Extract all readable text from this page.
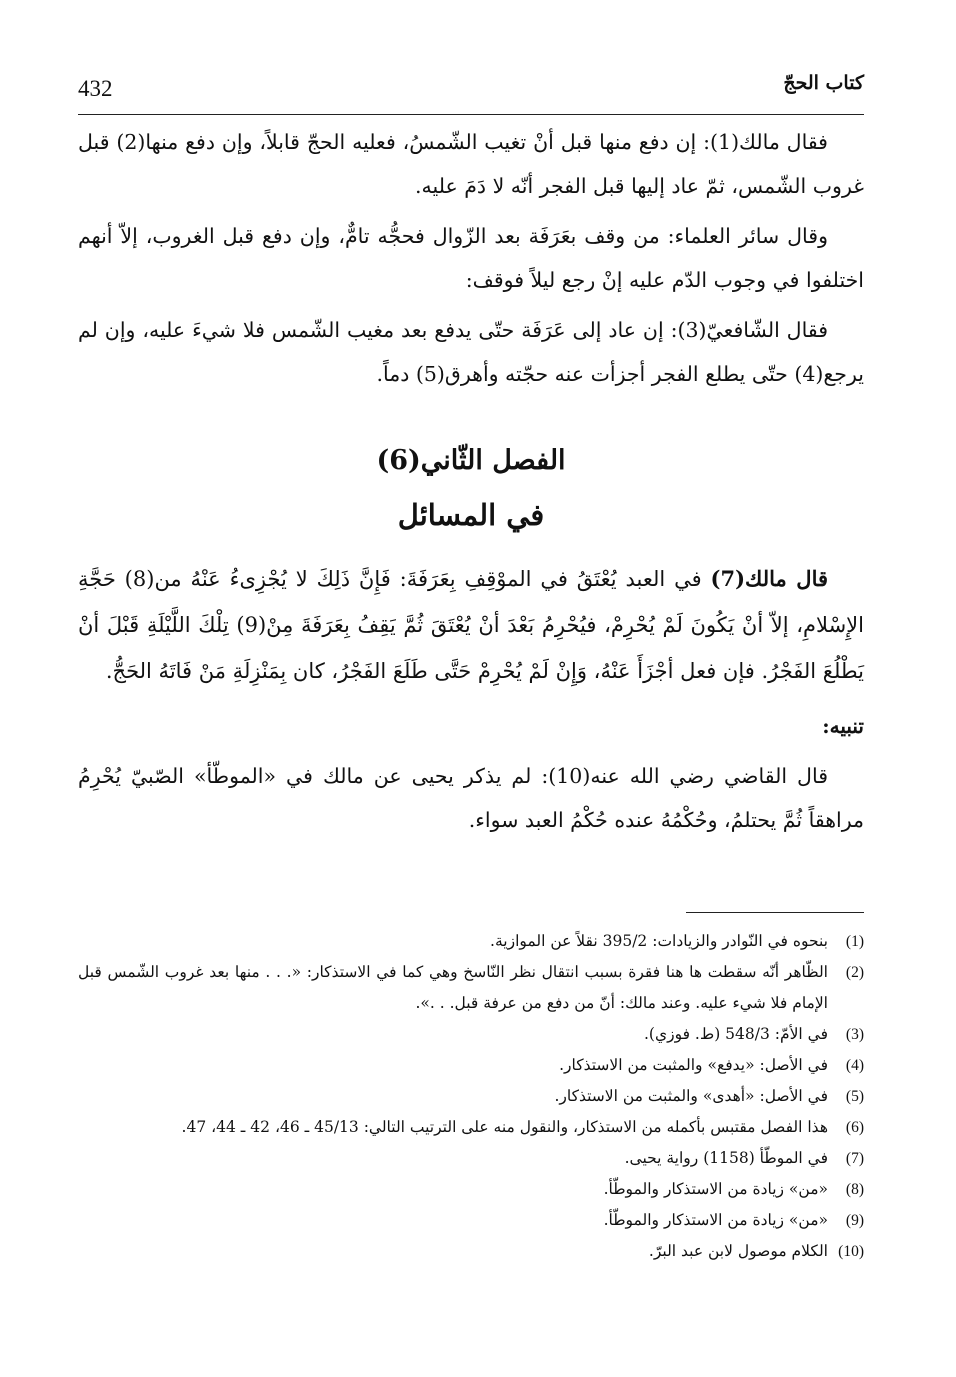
كتاب الحجّ
432

فقال مالك(1): إن دفع منها قبل أنْ تغيب الشّمسُ، فعليه الحجّ قابلاً، وإن دفع منها(2) قبل غروب الشّمس، ثمّ عاد إليها قبل الفجر أنّه لا دَمَ عليه.

وقال سائر العلماء: من وقف بعَرَفَة بعد الزّوال فحجُّه تامٌّ، وإن دفع قبل الغروب، إلاّ أنهم اختلفوا في وجوب الدّم عليه إنْ رجع ليلاً فوقف:

فقال الشّافعيّ(3): إن عاد إلى عَرَفَة حتّى يدفع بعد مغيب الشّمس فلا شيءَ عليه، وإن لم يرجع(4) حتّى يطلع الفجر أجزأت عنه حجّته وأهرق(5) دماً.

الفصل الثّاني(6)
في المسائل

قال مالك(7) في العبد يُعْتَقُ في الموْقِفِ بِعَرَفَةَ: فَإِنَّ ذَلِكَ لا يُجْزِىءُ عَنْهُ من(8) حَجَّةِ الإِسْلامِ، إلاّ أنْ يَكُونَ لَمْ يُحْرِمْ، فيُحْرِمُ بَعْدَ أنْ يُعْتَقَ ثُمَّ يَقِفُ بِعَرَفَةَ مِنْ(9) تِلْكَ اللَّيْلَةِ قَبْلَ أنْ يَطْلُعَ الفَجْرُ. فإن فعل أجْزَأَ عَنْهُ، وَإِنْ لَمْ يُحْرِمْ حَتَّى طَلَعَ الفَجْرُ، كان بِمَنْزِلَةِ مَنْ فَاتَهُ الحَجُّ.

تنبيه:

قال القاضي رضي الله عنه(10): لم يذكر يحيى عن مالك في «الموطّأ» الصّبيّ يُحْرِمُ مراهقاً ثُمَّ يحتلمُ، وحُكْمُهُ عنده حُكْمُ العبد سواء.

(1)
بنحوه في النّوادر والزيادات: 395/2 نقلاً عن الموازية.
(2)
الظّاهر أنّه سقطت ها هنا فقرة بسبب انتقال نظر النّاسخ وهي كما في الاستذكار: «. . . منها بعد غروب الشّمس قبل الإمام فلا شيء عليه. وعند مالك: أنّ من دفع من عرفة قبل. . .».
(3)
في الأمّ: 548/3 (ط. فوزي).
(4)
في الأصل: «يدفع» والمثبت من الاستذكار.
(5)
في الأصل: «أهدى» والمثبت من الاستذكار.
(6)
هذا الفصل مقتبس بأكمله من الاستذكار، والنقول منه على الترتيب التالي: 45/13 ـ 46، 42 ـ 44، 47.
(7)
في الموطّأ (1158) رواية يحيى.
(8)
«من» زيادة من الاستذكار والموطّأ.
(9)
«من» زيادة من الاستذكار والموطّأ.
(10)
الكلام موصول لابن عبد البرّ.
